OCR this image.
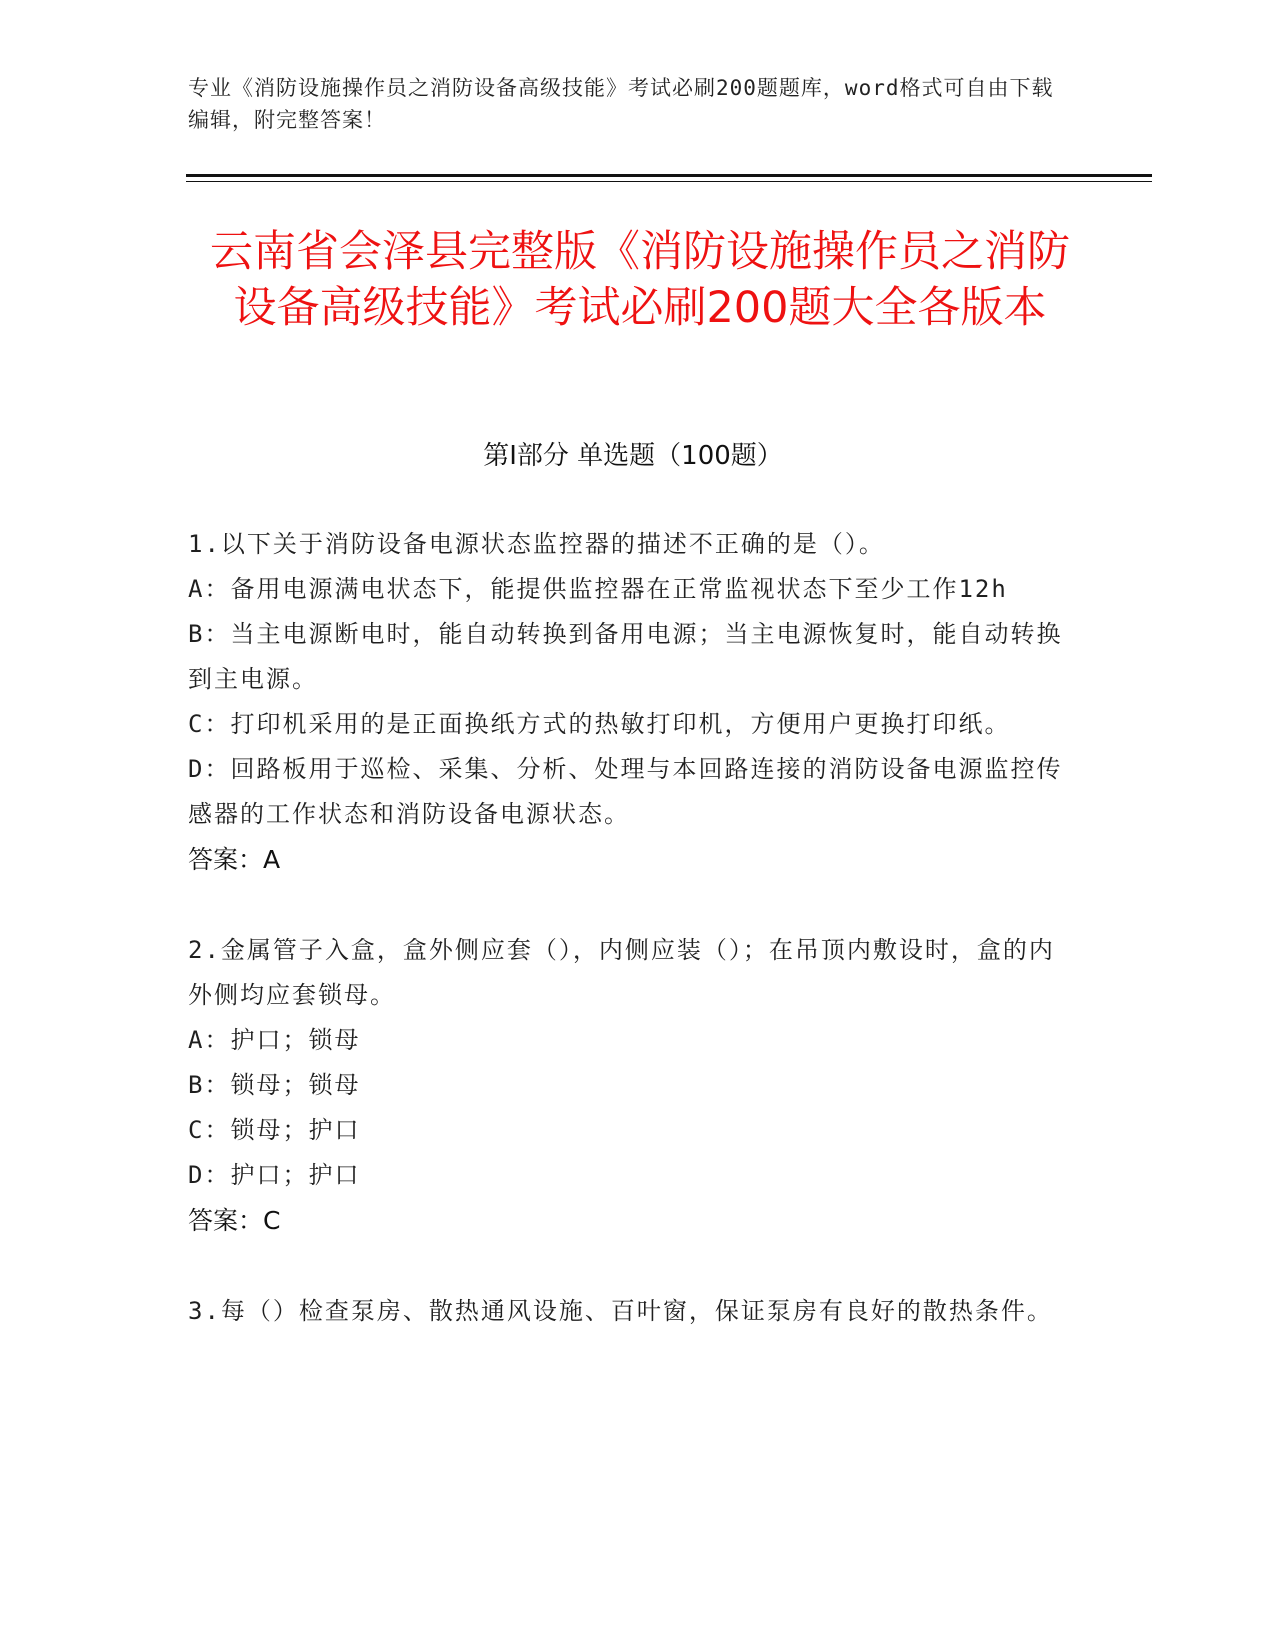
专业《消防设施操作员之消防设备高级技能》考试必刷200题题库，word格式可自由下载编辑，附完整答案！
云南省会泽县完整版《消防设施操作员之消防设备高级技能》考试必刷200题大全各版本
第I部分 单选题（100题）
1.以下关于消防设备电源状态监控器的描述不正确的是（）。
A：备用电源满电状态下，能提供监控器在正常监视状态下至少工作12h
B：当主电源断电时，能自动转换到备用电源；当主电源恢复时，能自动转换到主电源。
C：打印机采用的是正面换纸方式的热敏打印机，方便用户更换打印纸。
D：回路板用于巡检、采集、分析、处理与本回路连接的消防设备电源监控传感器的工作状态和消防设备电源状态。
答案：A
2.金属管子入盒，盒外侧应套（），内侧应装（）；在吊顶内敷设时，盒的内外侧均应套锁母。
A：护口；锁母
B：锁母；锁母
C：锁母；护口
D：护口；护口
答案：C
3.每（）检查泵房、散热通风设施、百叶窗，保证泵房有良好的散热条件。
